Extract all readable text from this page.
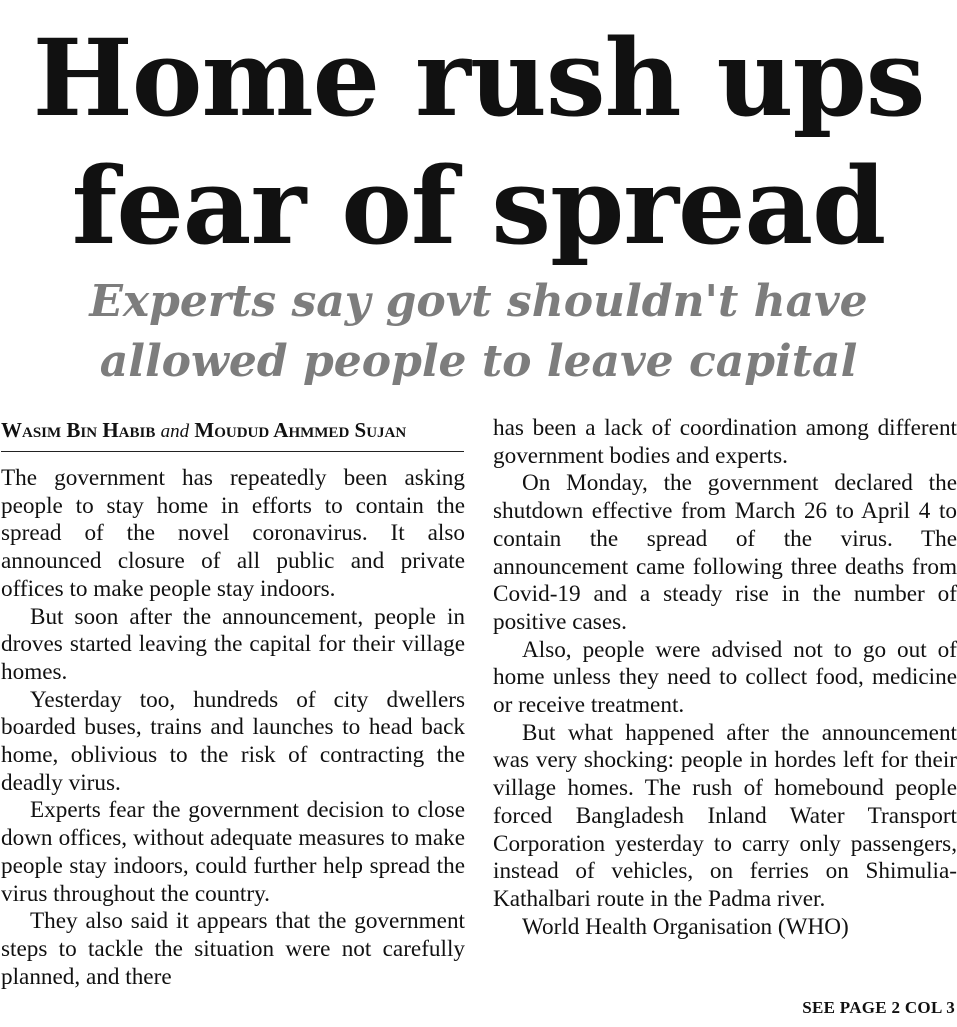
Home rush ups
fear of spread
Experts say govt shouldn't have
allowed people to leave capital
Wasim Bin Habib and Moudud Ahmmed Sujan

The government has repeatedly been asking people to stay home in efforts to contain the spread of the novel coronavirus. It also announced closure of all public and private offices to make people stay indoors.

But soon after the announcement, people in droves started leaving the capital for their village homes.

Yesterday too, hundreds of city dwellers boarded buses, trains and launches to head back home, oblivious to the risk of contracting the deadly virus.

Experts fear the government decision to close down offices, without adequate measures to make people stay indoors, could further help spread the virus throughout the country.

They also said it appears that the government steps to tackle the situation were not carefully planned, and there

has been a lack of coordination among different government bodies and experts.

On Monday, the government declared the shutdown effective from March 26 to April 4 to contain the spread of the virus. The announcement came following three deaths from Covid-19 and a steady rise in the number of positive cases.

Also, people were advised not to go out of home unless they need to collect food, medicine or receive treatment.

But what happened after the announcement was very shocking: people in hordes left for their village homes. The rush of homebound people forced Bangladesh Inland Water Transport Corporation yesterday to carry only passengers, instead of vehicles, on ferries on Shimulia-Kathalbari route in the Padma river.

World Health Organisation (WHO)

SEE PAGE 2 COL 3
